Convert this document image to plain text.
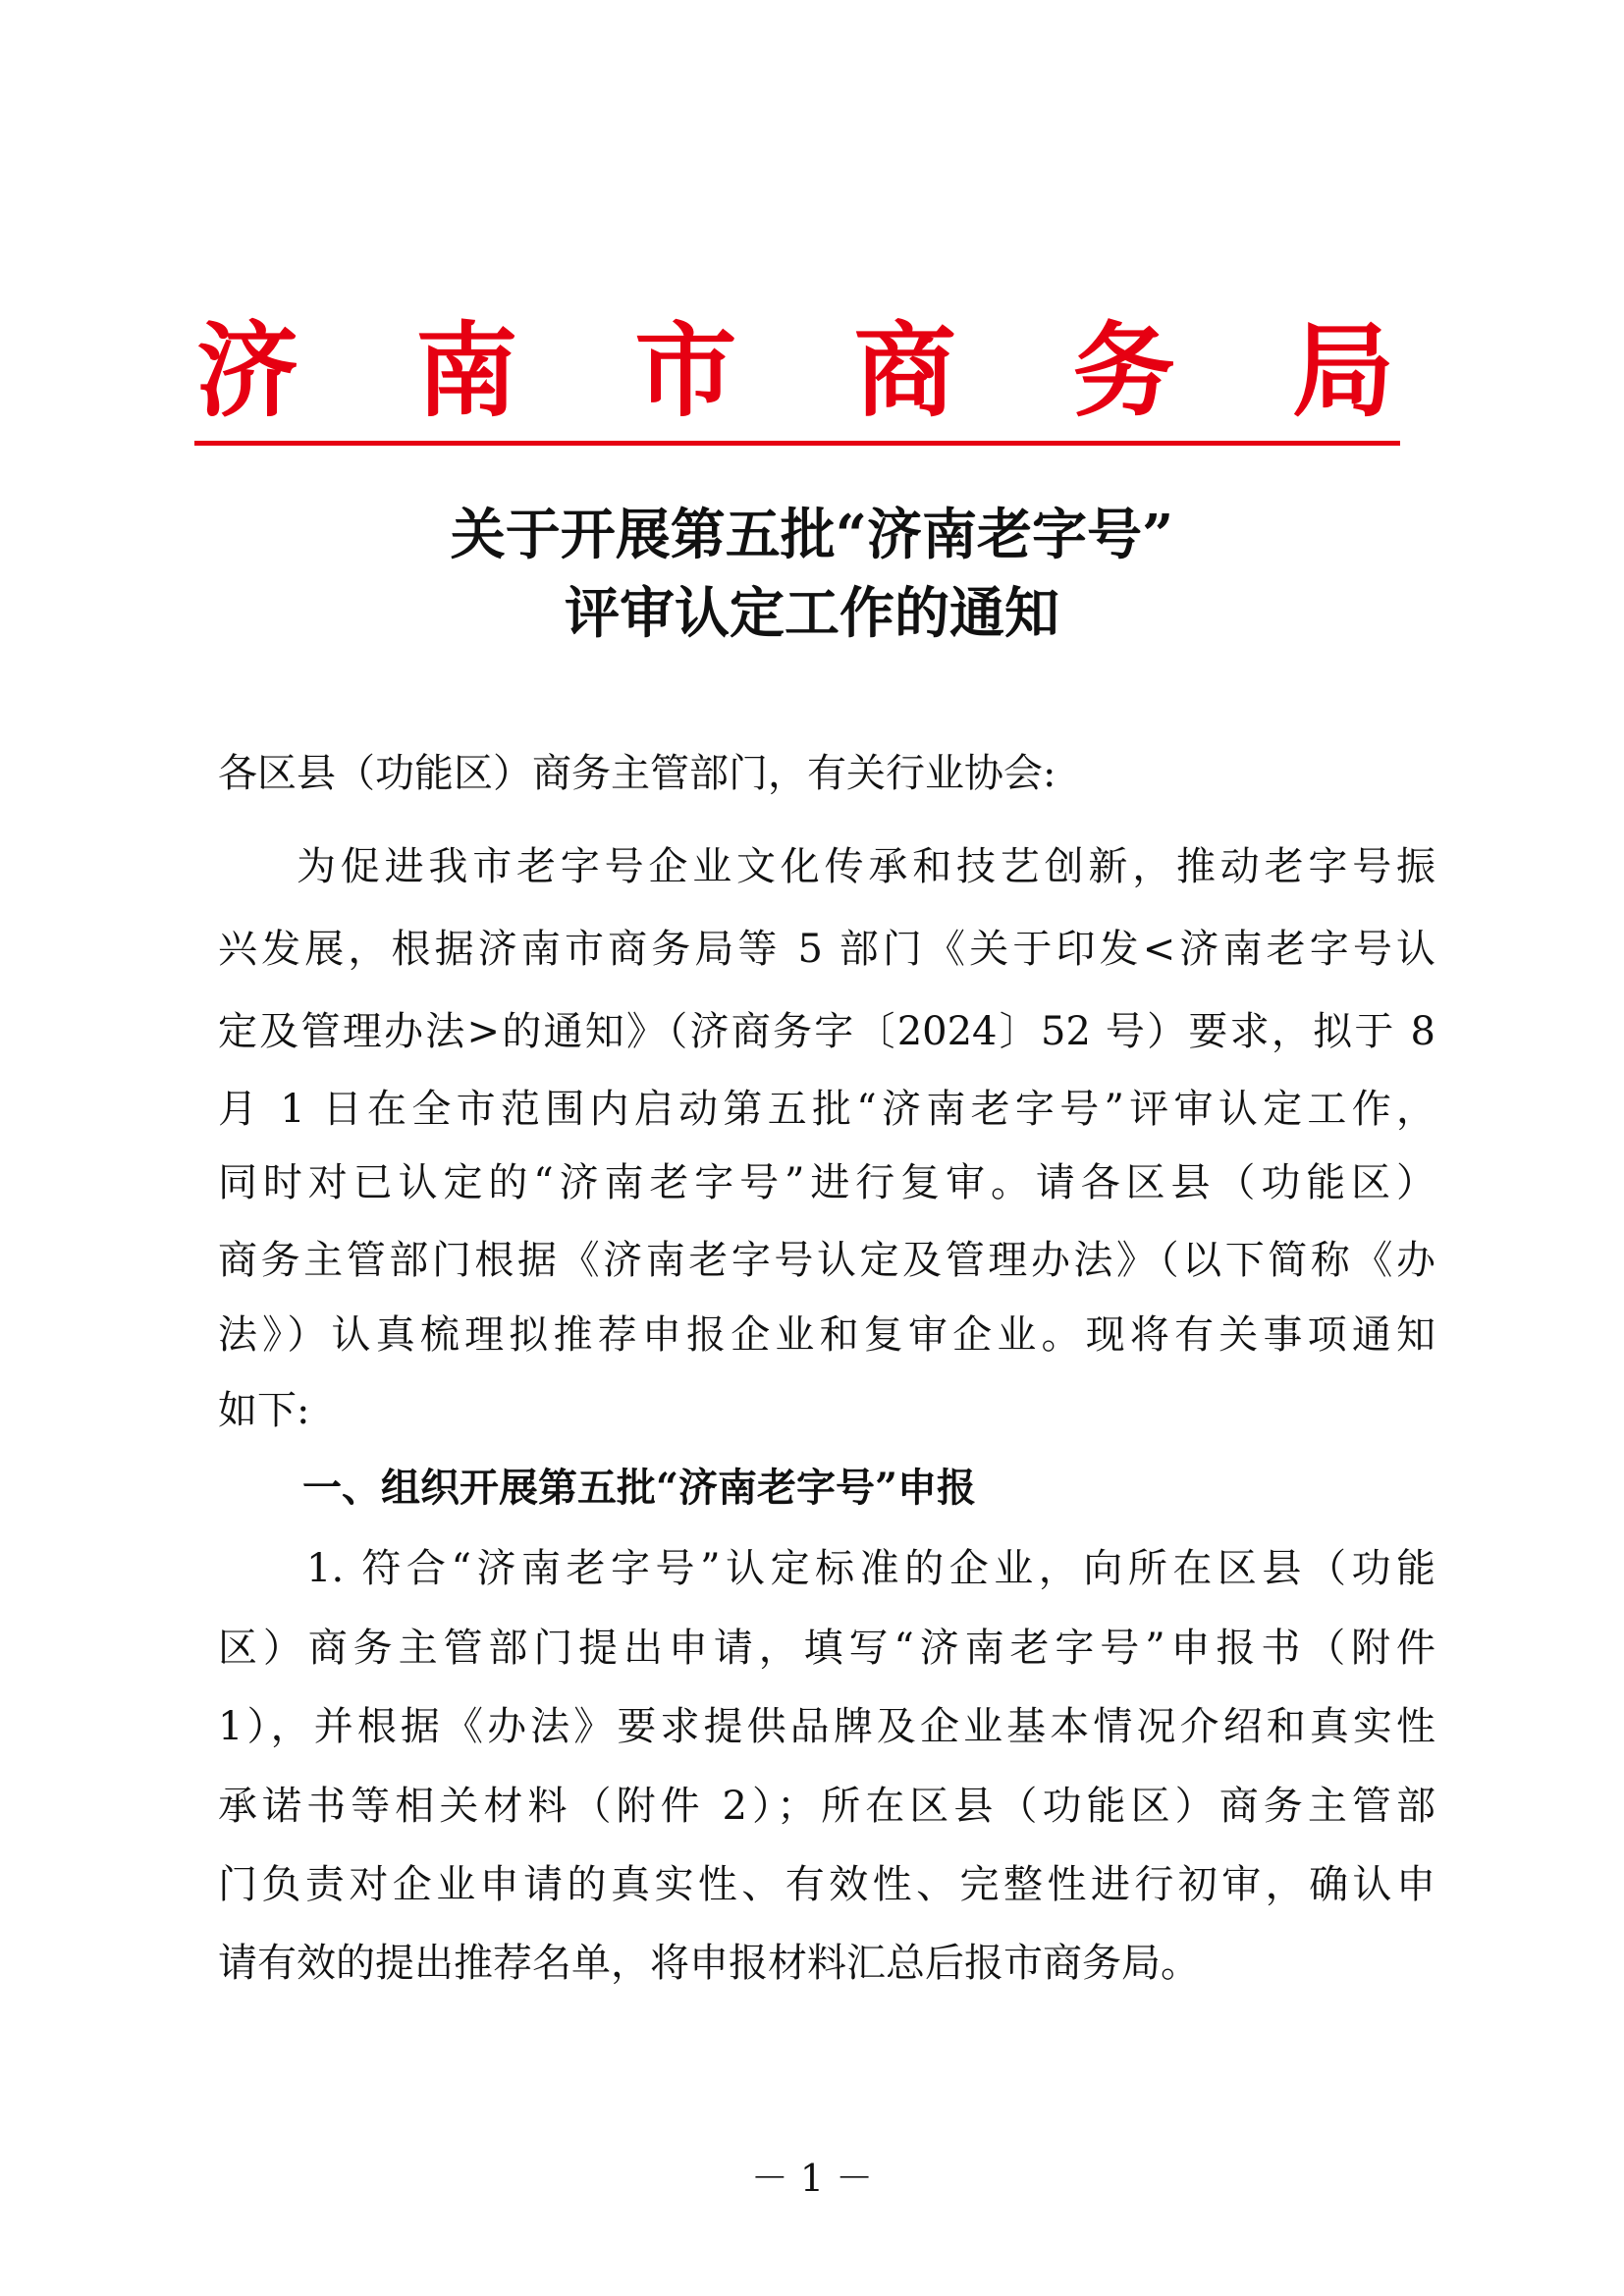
济 南 市 商 务 局
关于开展第五批“济南老字号”
评审认定工作的通知
各区县（功能区）商务主管部门，有关行业协会:
为促进我市老字号企业文化传承和技艺创新，推动老字号振
兴发展，根据济南市商务局等 5 部门《关于印发<济南老字号认
定及管理办法>的通知》（济商务字〔2024〕52 号）要求，拟于 8
月 1 日在全市范围内启动第五批“济南老字号”评审认定工作，
同时对已认定的“济南老字号”进行复审。请各区县（功能区）
商务主管部门根据《济南老字号认定及管理办法》（以下简称《办
法》）认真梳理拟推荐申报企业和复审企业。现将有关事项通知
如下:
一、组织开展第五批“济南老字号”申报
1. 符合“济南老字号”认定标准的企业，向所在区县（功能
区）商务主管部门提出申请，填写“济南老字号”申报书（附件
1），并根据《办法》要求提供品牌及企业基本情况介绍和真实性
承诺书等相关材料（附件 2）；所在区县（功能区）商务主管部
门负责对企业申请的真实性、有效性、完整性进行初审，确认申
请有效的提出推荐名单，将申报材料汇总后报市商务局。
－ 1 －
